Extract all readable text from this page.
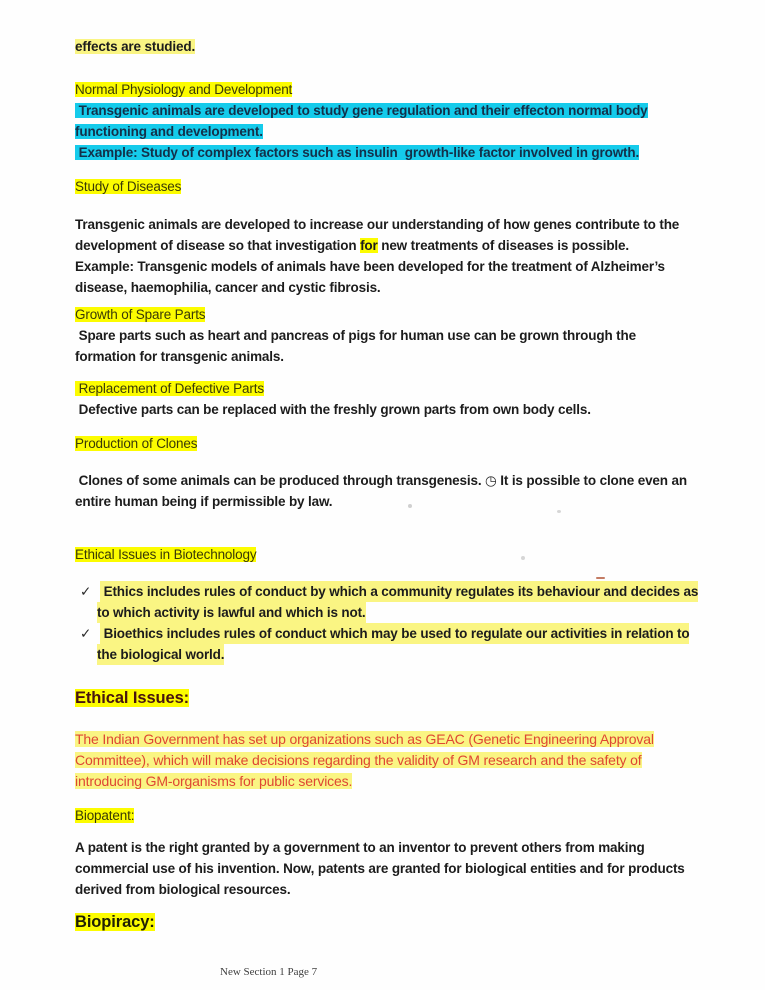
effects are studied.
Normal Physiology and Development
Transgenic animals are developed to study gene regulation and their effecton normal body
functioning and development.
Example: Study of complex factors such as insulin  growth-like factor involved in growth.
Study of Diseases
Transgenic animals are developed to increase our understanding of how genes contribute to the
development of disease so that investigation for new treatments of diseases is possible.
Example: Transgenic models of animals have been developed for the treatment of Alzheimer’s
disease, haemophilia, cancer and cystic fibrosis.
Growth of Spare Parts
Spare parts such as heart and pancreas of pigs for human use can be grown through the
formation for transgenic animals.
Replacement of Defective Parts
Defective parts can be replaced with the freshly grown parts from own body cells.
Production of Clones
Clones of some animals can be produced through transgenesis. ◷ It is possible to clone even an
entire human being if permissible by law.
Ethical Issues in Biotechnology
✓ Ethics includes rules of conduct by which a community regulates its behaviour and decides as
to which activity is lawful and which is not.
✓ Bioethics includes rules of conduct which may be used to regulate our activities in relation to
the biological world.
Ethical Issues:
The Indian Government has set up organizations such as GEAC (Genetic Engineering Approval
Committee), which will make decisions regarding the validity of GM research and the safety of
introducing GM-organisms for public services.
Biopatent:
A patent is the right granted by a government to an inventor to prevent others from making
commercial use of his invention. Now, patents are granted for biological entities and for products
derived from biological resources.
Biopiracy:
New Section 1 Page 7
